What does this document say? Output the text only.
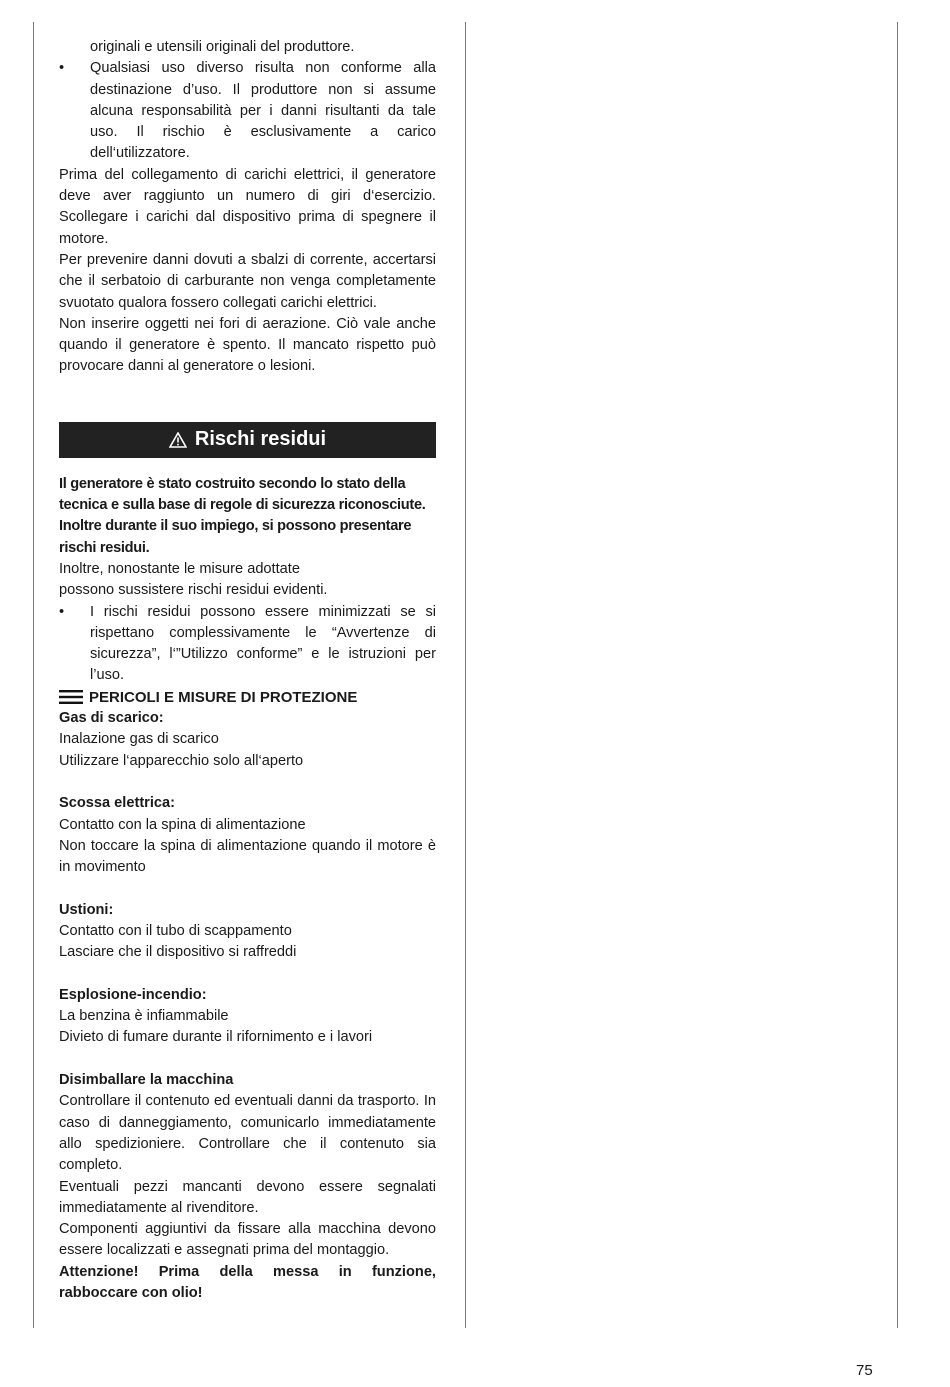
originali e utensili originali del produttore.

•	Qualsiasi uso diverso risulta non conforme alla destinazione d’uso. Il produttore non si assume alcuna responsabilità per i danni risultanti da tale uso. Il rischio è esclusivamente a carico dell‘utilizzatore.

Prima del collegamento di carichi elettrici, il generatore deve aver raggiunto un numero di giri d‘esercizio. Scollegare i carichi dal dispositivo prima di spegnere il motore.

Per prevenire danni dovuti a sbalzi di corrente, accertarsi che il serbatoio di carburante non venga completamente svuotato qualora fossero collegati carichi elettrici.

Non inserire oggetti nei fori di aerazione. Ciò vale anche quando il generatore è spento. Il mancato rispetto può provocare danni al generatore o lesioni.

Rischi residui

Il generatore è stato costruito secondo lo stato della tecnica e sulla base di regole di sicurezza riconosciute. Inoltre durante il suo impiego, si possono presentare rischi residui.

Inoltre, nonostante le misure adottate

possono sussistere rischi residui evidenti.

•	I rischi residui possono essere minimizzati se si rispettano complessivamente le “Avvertenze di sicurezza”, l‘”Utilizzo conforme” e le istruzioni per l’uso.
PERICOLI E MISURE DI PROTEZIONE

Gas di scarico:

Inalazione gas di scarico

Utilizzare l‘apparecchio solo all‘aperto

Scossa elettrica:

Contatto con la spina di alimentazione

Non toccare la spina di alimentazione quando il motore è in movimento

Ustioni:

Contatto con il tubo di scappamento

Lasciare che il dispositivo si raffreddi

Esplosione-incendio:

La benzina è infiammabile

Divieto di fumare durante il rifornimento e i lavori

Disimballare la macchina

Controllare il contenuto ed eventuali danni da trasporto. In caso di danneggiamento, comunicarlo immediatamente allo spedizioniere. Controllare che il contenuto sia completo.

Eventuali pezzi mancanti devono essere segnalati immediatamente al rivenditore.

Componenti aggiuntivi da fissare alla macchina devono essere localizzati e assegnati prima del montaggio.

Attenzione! Prima della messa in funzione, rabboccare con olio!

75
